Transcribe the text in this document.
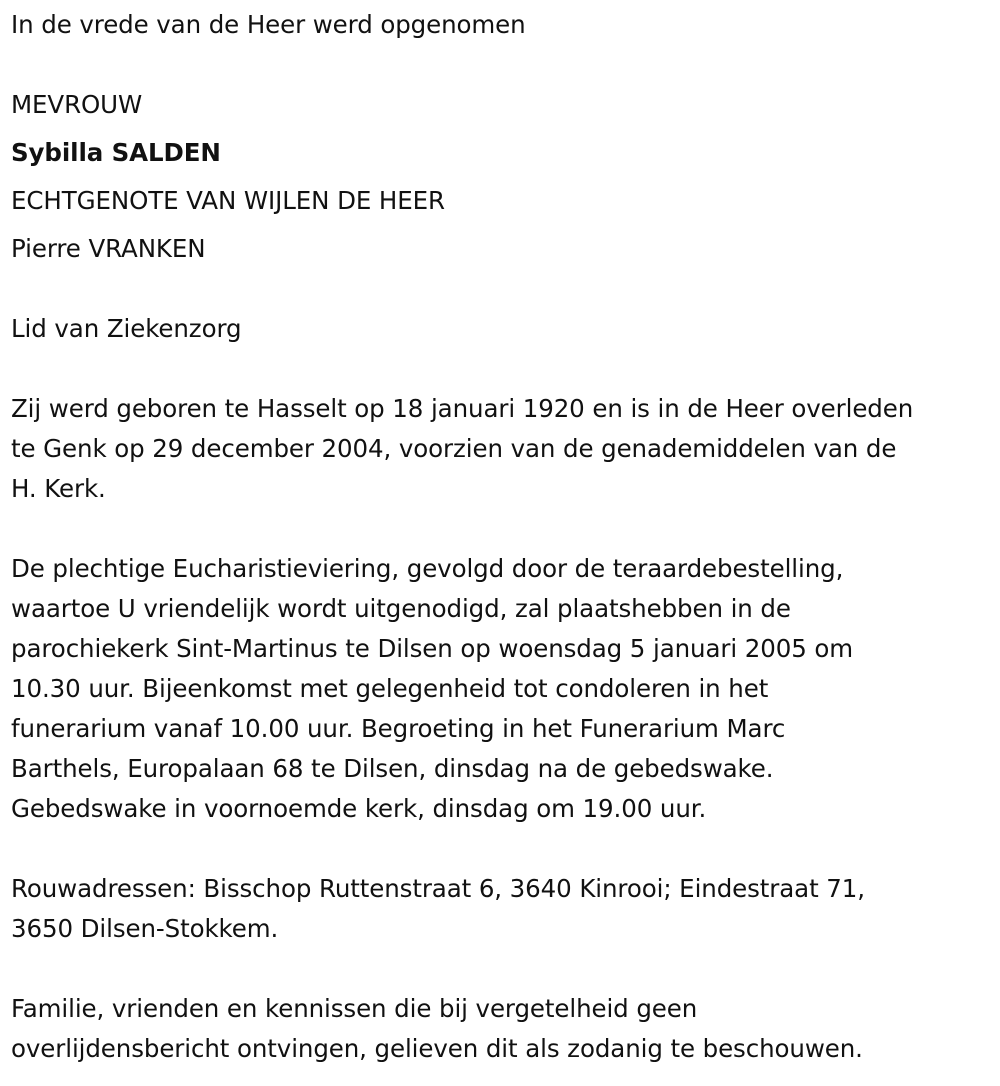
In de vrede van de Heer werd opgenomen
MEVROUW
Sybilla SALDEN
ECHTGENOTE VAN WIJLEN DE HEER
Pierre VRANKEN
Lid van Ziekenzorg
Zij werd geboren te Hasselt op 18 januari 1920 en is in de Heer overleden
te Genk op 29 december 2004, voorzien van de genademiddelen van de
H. Kerk.
De plechtige Eucharistieviering, gevolgd door de teraardebestelling,
waartoe U vriendelijk wordt uitgenodigd, zal plaatshebben in de
parochiekerk Sint-Martinus te Dilsen op woensdag 5 januari 2005 om
10.30 uur. Bijeenkomst met gelegenheid tot condoleren in het
funerarium vanaf 10.00 uur. Begroeting in het Funerarium Marc
Barthels, Europalaan 68 te Dilsen, dinsdag na de gebedswake.
Gebedswake in voornoemde kerk, dinsdag om 19.00 uur.
Rouwadressen: Bisschop Ruttenstraat 6, 3640 Kinrooi; Eindestraat 71,
3650 Dilsen-Stokkem.
Familie, vrienden en kennissen die bij vergetelheid geen
overlijdensbericht ontvingen, gelieven dit als zodanig te beschouwen.
